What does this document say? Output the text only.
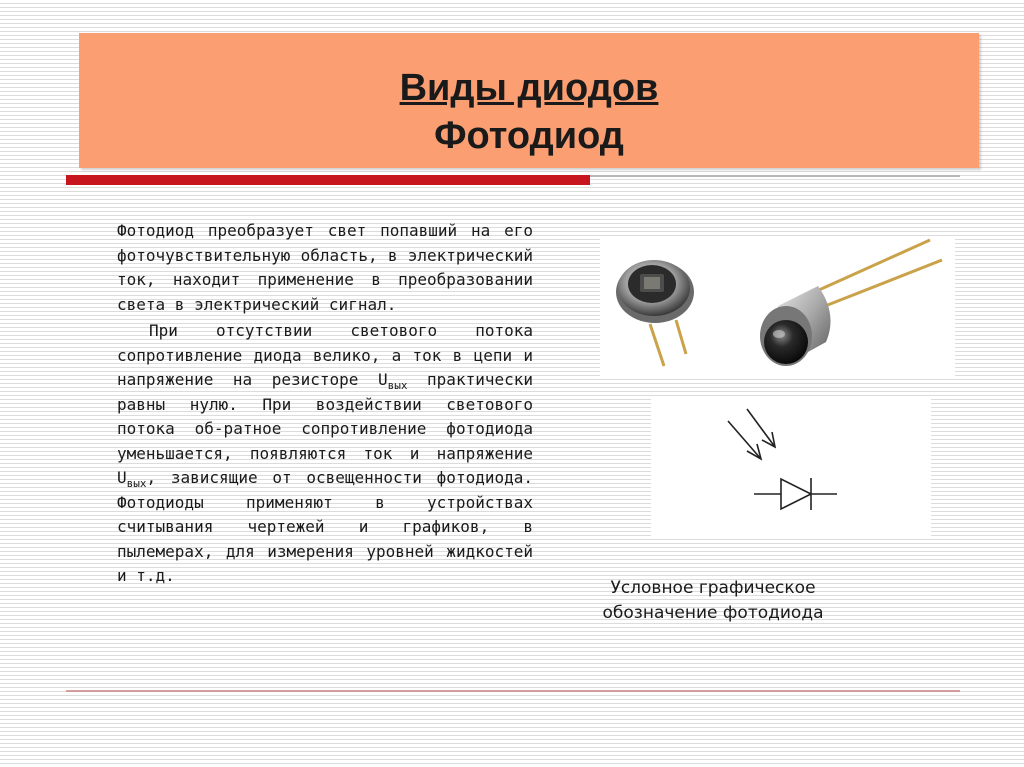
Виды диодов
Фотодиод

Фотодиод преобразует свет попавший на его фоточувствительную область, в электрический ток, находит применение в преобразовании света в электрический сигнал.

При отсутствии светового потока сопротивление диода велико, а ток в цепи и напряжение на резисторе $U_{вых}$ практически равны нулю. При воздействии светового потока об-ратное сопротивление фотодиода уменьшается, появляются ток и напряжение $U_{вых}$, зависящие от освещенности фотодиода. Фотодиоды применяют в устройствах считывания чертежей и графиков, в пылемерах, для измерения уровней жидкостей и т.д.

Условное графическое
обозначение фотодиода
